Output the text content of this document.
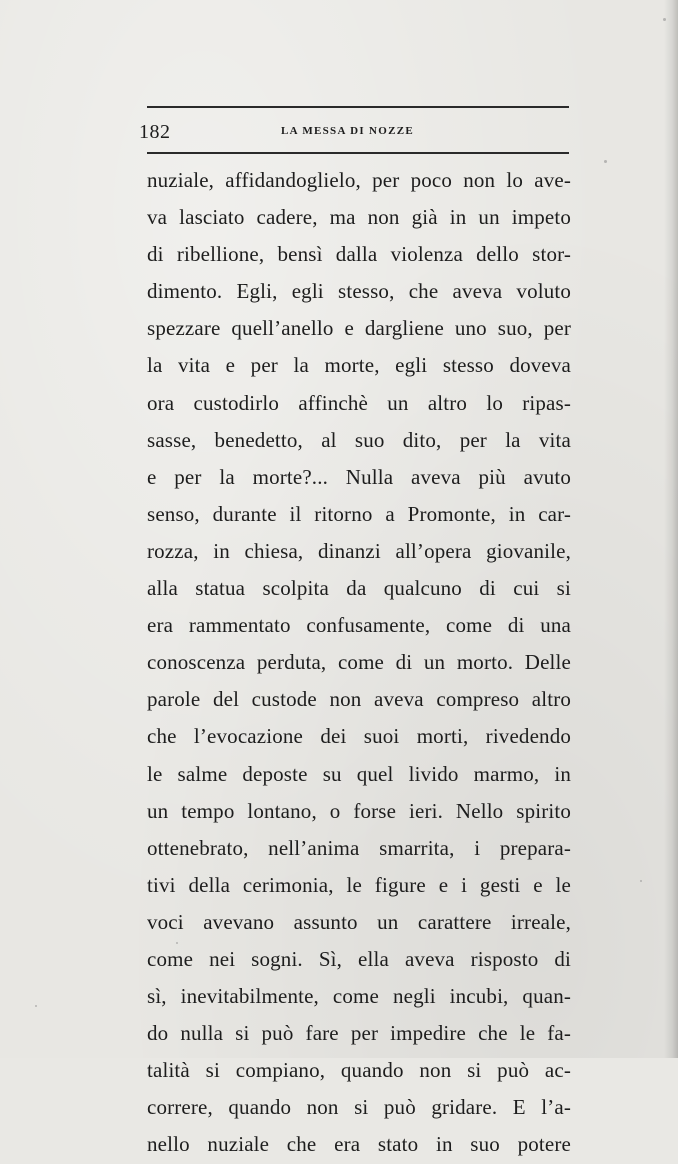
182	LA MESSA DI NOZZE
nuziale, affidandoglielo, per poco non lo ave-
va lasciato cadere, ma non già in un impeto
di ribellione, bensì dalla violenza dello stor-
dimento. Egli, egli stesso, che aveva voluto
spezzare quell’anello e dargliene uno suo, per
la vita e per la morte, egli stesso doveva
ora custodirlo affinchè un altro lo ripas-
sasse, benedetto, al suo dito, per la vita
e per la morte?... Nulla aveva più avuto
senso, durante il ritorno a Promonte, in car-
rozza, in chiesa, dinanzi all’opera giovanile,
alla statua scolpita da qualcuno di cui si
era rammentato confusamente, come di una
conoscenza perduta, come di un morto. Delle
parole del custode non aveva compreso altro
che l’evocazione dei suoi morti, rivedendo
le salme deposte su quel livido marmo, in
un tempo lontano, o forse ieri. Nello spirito
ottenebrato, nell’anima smarrita, i prepara-
tivi della cerimonia, le figure e i gesti e le
voci avevano assunto un carattere irreale,
come nei sogni. Sì, ella aveva risposto di
sì, inevitabilmente, come negli incubi, quan-
do nulla si può fare per impedire che le fa-
talità si compiano, quando non si può ac-
correre, quando non si può gridare. E l’a-
nello nuziale che era stato in suo potere
